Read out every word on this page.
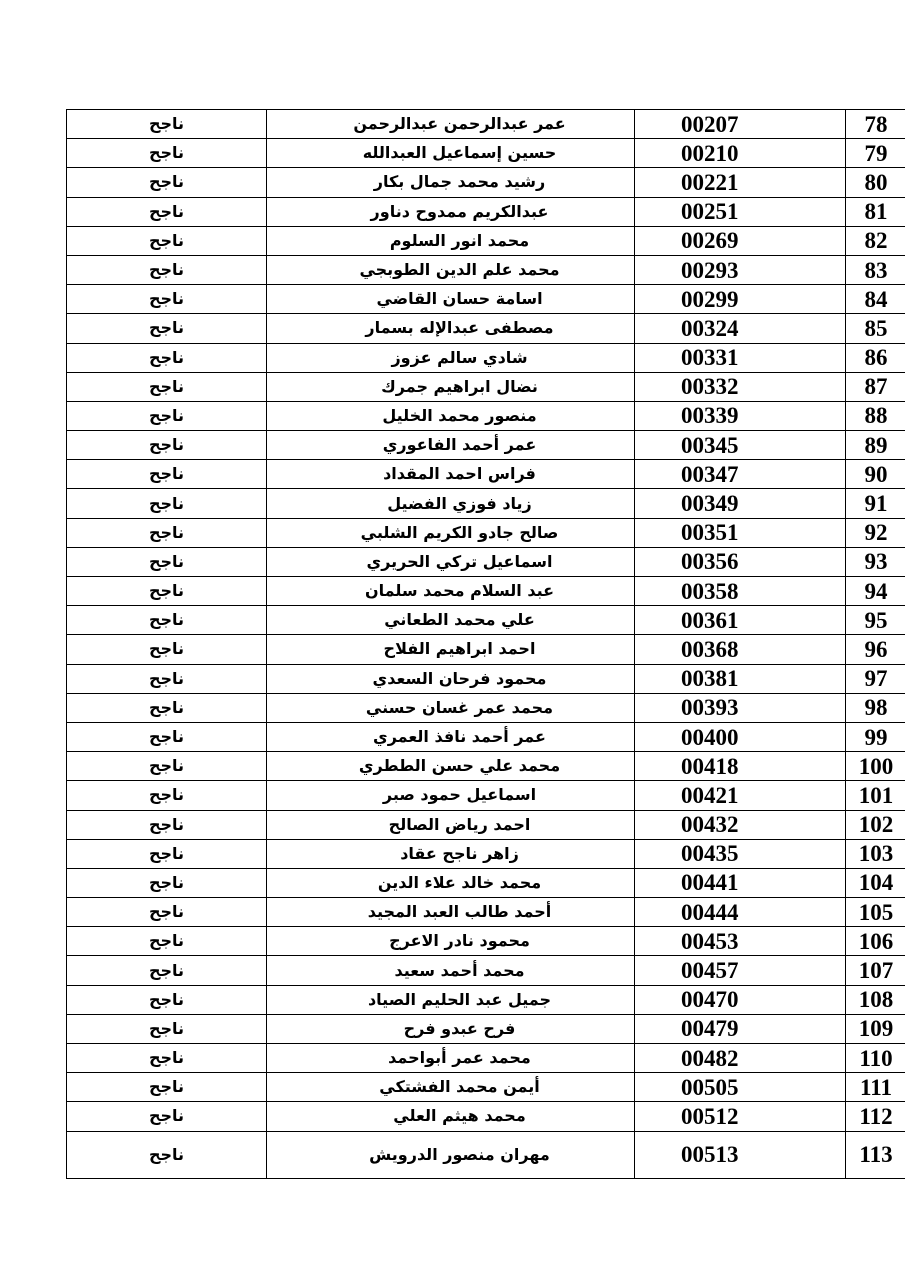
ناجح	عمر عبدالرحمن عبدالرحمن	00207	78
ناجح	حسين إسماعيل العبدالله	00210	79
ناجح	رشيد محمد جمال بكار	00221	80
ناجح	عبدالكريم ممدوح دناور	00251	81
ناجح	محمد انور السلوم	00269	82
ناجح	محمد علم الدين الطوبجي	00293	83
ناجح	اسامة حسان القاضي	00299	84
ناجح	مصطفى عبدالإله بسمار	00324	85
ناجح	شادي سالم عزوز	00331	86
ناجح	نضال ابراهيم جمرك	00332	87
ناجح	منصور محمد الخليل	00339	88
ناجح	عمر أحمد الفاعوري	00345	89
ناجح	فراس احمد المقداد	00347	90
ناجح	زياد فوزي الفضيل	00349	91
ناجح	صالح جادو الكريم الشلبي	00351	92
ناجح	اسماعيل تركي الحريري	00356	93
ناجح	عبد السلام محمد سلمان	00358	94
ناجح	علي محمد الطعاني	00361	95
ناجح	احمد ابراهيم الفلاح	00368	96
ناجح	محمود فرحان السعدي	00381	97
ناجح	محمد عمر غسان حسني	00393	98
ناجح	عمر أحمد نافذ العمري	00400	99
ناجح	محمد علي حسن الططري	00418	100
ناجح	اسماعيل حمود صبر	00421	101
ناجح	احمد رياض الصالح	00432	102
ناجح	زاهر ناجح عقاد	00435	103
ناجح	محمد خالد علاء الدين	00441	104
ناجح	أحمد طالب العبد المجيد	00444	105
ناجح	محمود نادر الاعرج	00453	106
ناجح	محمد أحمد سعيد	00457	107
ناجح	جميل عبد الحليم الصياد	00470	108
ناجح	فرح عبدو فرح	00479	109
ناجح	محمد عمر أبواحمد	00482	110
ناجح	أيمن محمد الفشتكي	00505	111
ناجح	محمد هيثم العلي	00512	112
ناجح	مهران منصور الدرويش	00513	113
